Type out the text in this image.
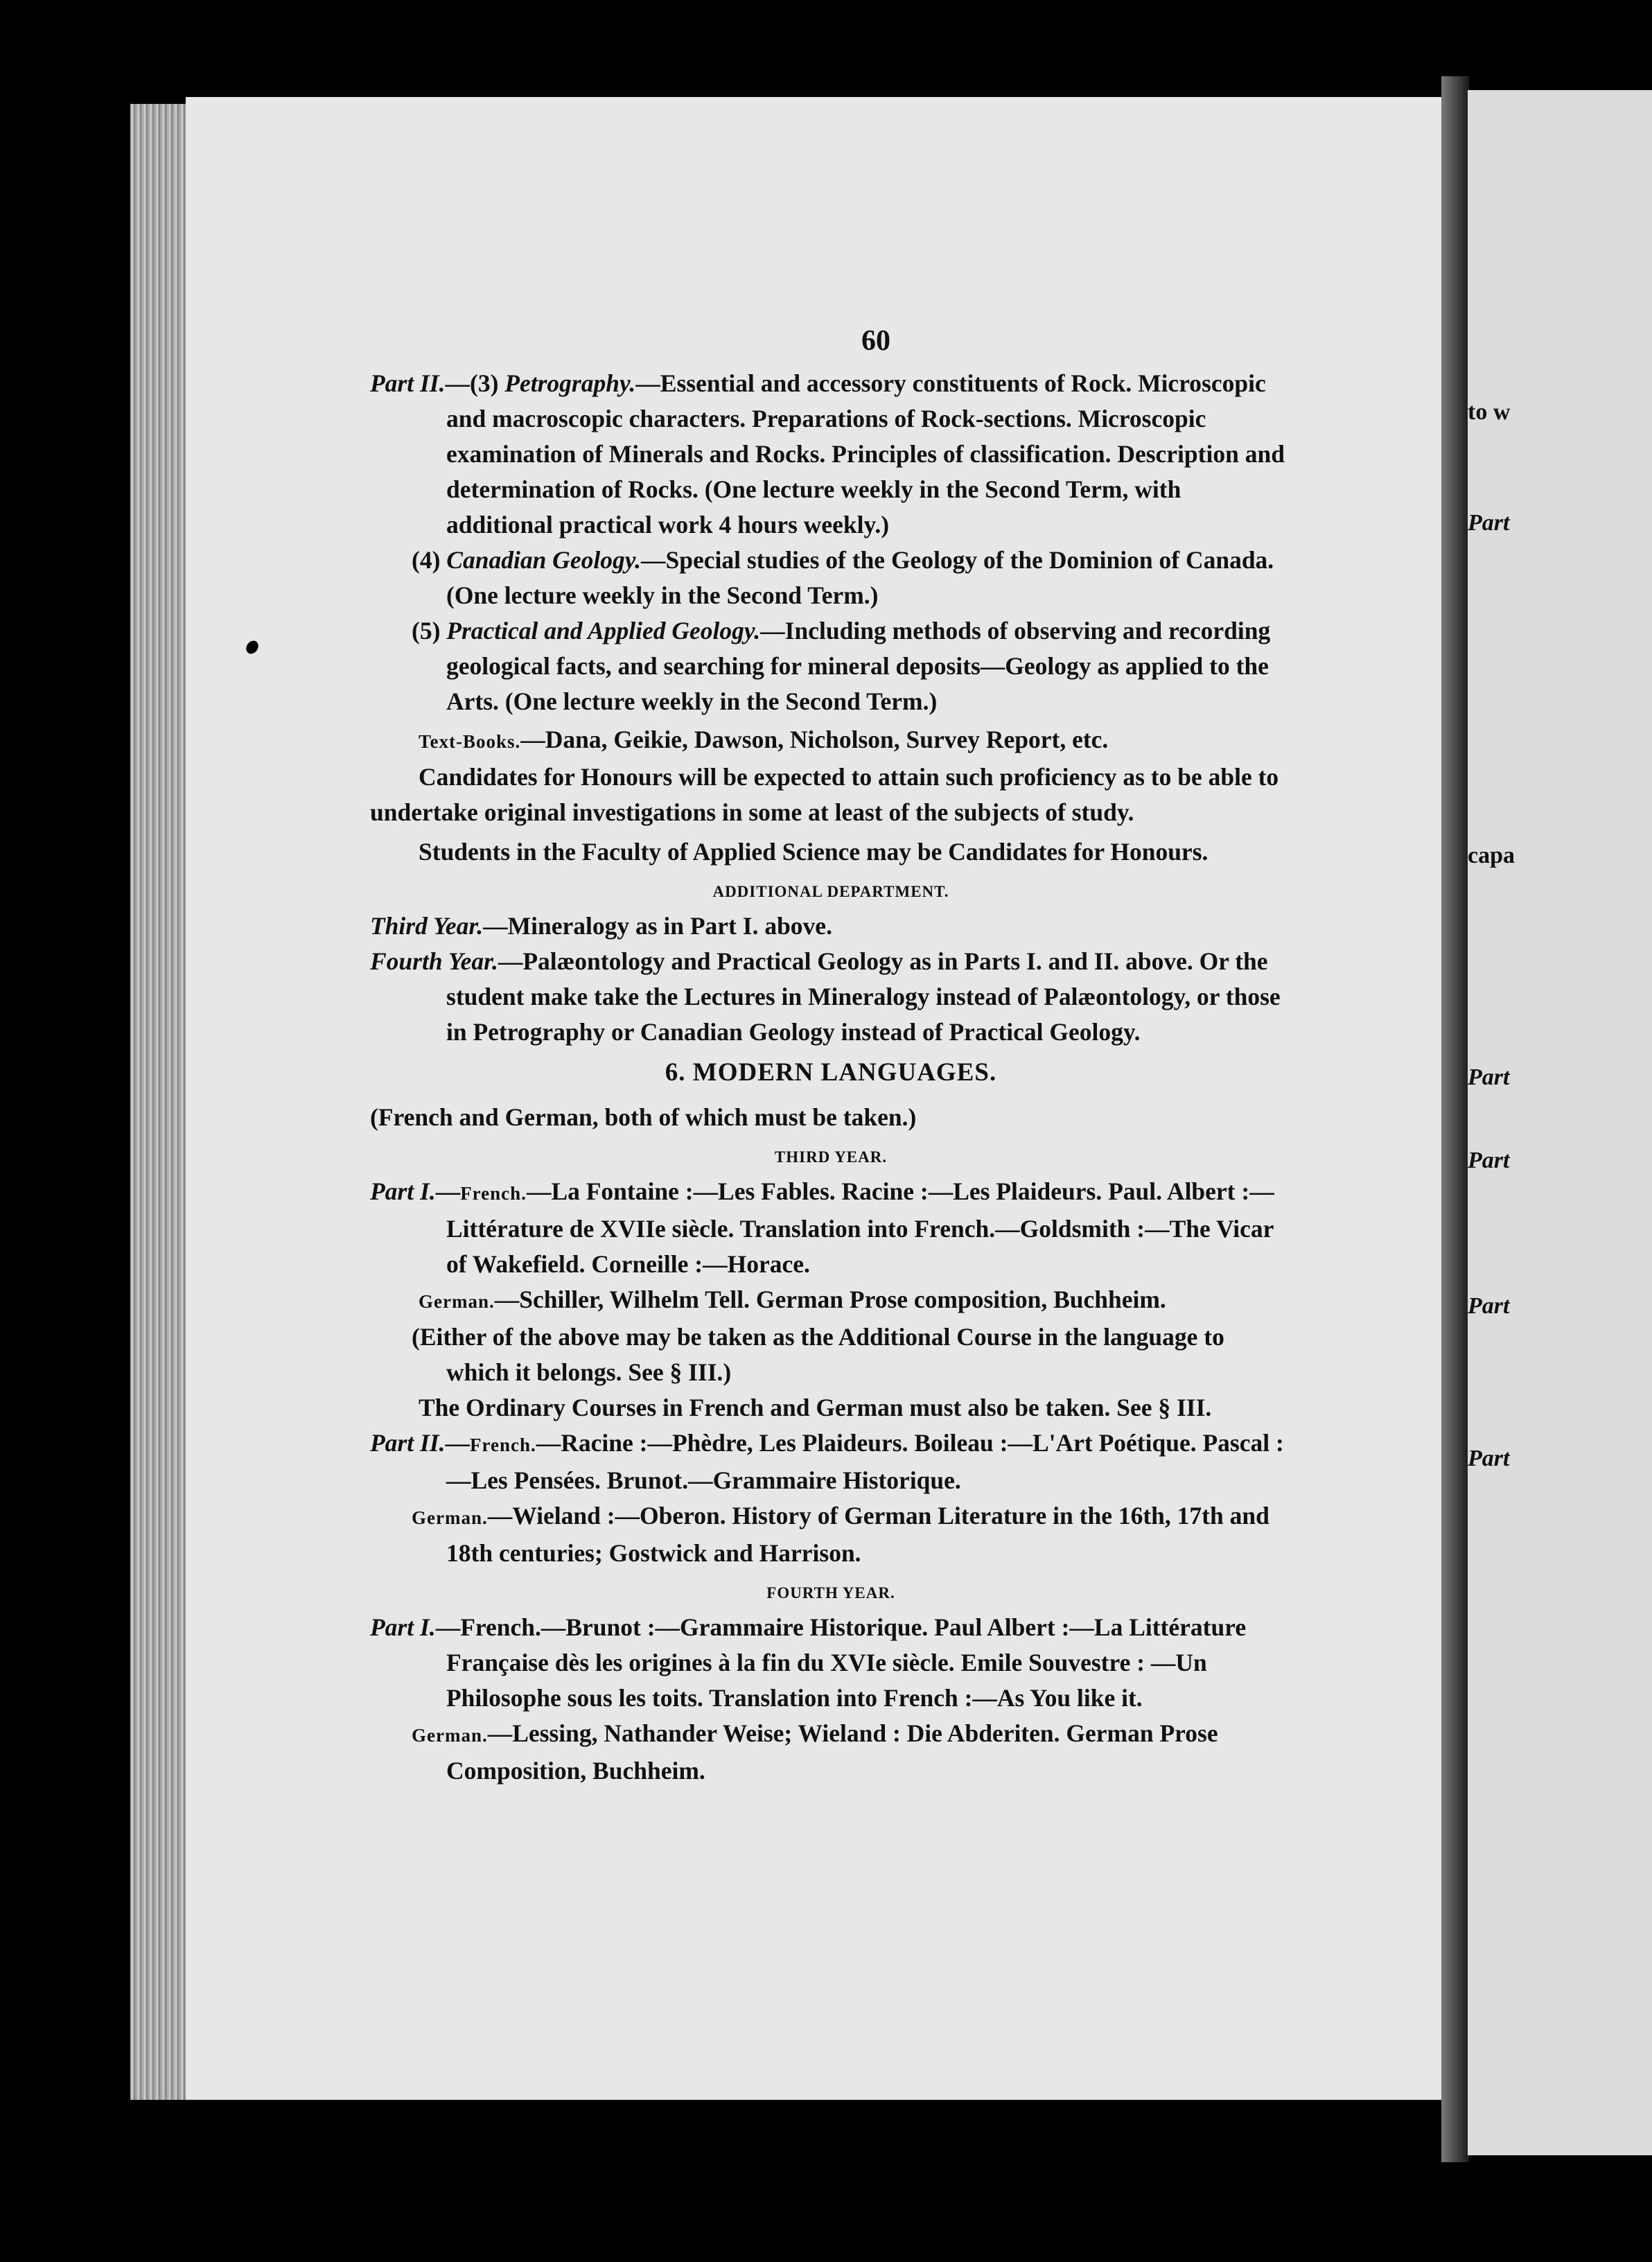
to w

Part

capa

Part

Part

Part

Part

60

Part II.—(3) Petrography.—Essential and accessory constituents of Rock. Microscopic and macroscopic characters. Preparations of Rock-sections. Microscopic examination of Minerals and Rocks. Principles of classification. Description and determination of Rocks. (One lecture weekly in the Second Term, with additional practical work 4 hours weekly.)

(4) Canadian Geology.—Special studies of the Geology of the Dominion of Canada. (One lecture weekly in the Second Term.)

(5) Practical and Applied Geology.—Including methods of observing and recording geological facts, and searching for mineral deposits—Geology as applied to the Arts. (One lecture weekly in the Second Term.)

Text-Books.—Dana, Geikie, Dawson, Nicholson, Survey Report, etc.

Candidates for Honours will be expected to attain such proficiency as to be able to undertake original investigations in some at least of the subjects of study.

Students in the Faculty of Applied Science may be Candidates for Honours.

ADDITIONAL DEPARTMENT.

Third Year.—Mineralogy as in Part I. above.

Fourth Year.—Palæontology and Practical Geology as in Parts I. and II. above. Or the student make take the Lectures in Mineralogy instead of Palæontology, or those in Petrography or Canadian Geology instead of Practical Geology.

6. MODERN LANGUAGES.

(French and German, both of which must be taken.)

THIRD YEAR.

Part I.—French.—La Fontaine :—Les Fables. Racine :—Les Plaideurs. Paul. Albert :—Littérature de XVIIe siècle. Translation into French.—Goldsmith :—The Vicar of Wakefield. Corneille :—Horace.

German.—Schiller, Wilhelm Tell. German Prose composition, Buchheim.

(Either of the above may be taken as the Additional Course in the language to which it belongs. See § III.)

The Ordinary Courses in French and German must also be taken. See § III.

Part II.—French.—Racine :—Phèdre, Les Plaideurs. Boileau :—L'Art Poétique. Pascal :—Les Pensées. Brunot.—Grammaire Historique.

German.—Wieland :—Oberon. History of German Literature in the 16th, 17th and 18th centuries; Gostwick and Harrison.

FOURTH YEAR.

Part I.—French.—Brunot :—Grammaire Historique. Paul Albert :—La Littérature Française dès les origines à la fin du XVIe siècle. Emile Souvestre : —Un Philosophe sous les toits. Translation into French :—As You like it.

German.—Lessing, Nathander Weise; Wieland : Die Abderiten. German Prose Composition, Buchheim.
